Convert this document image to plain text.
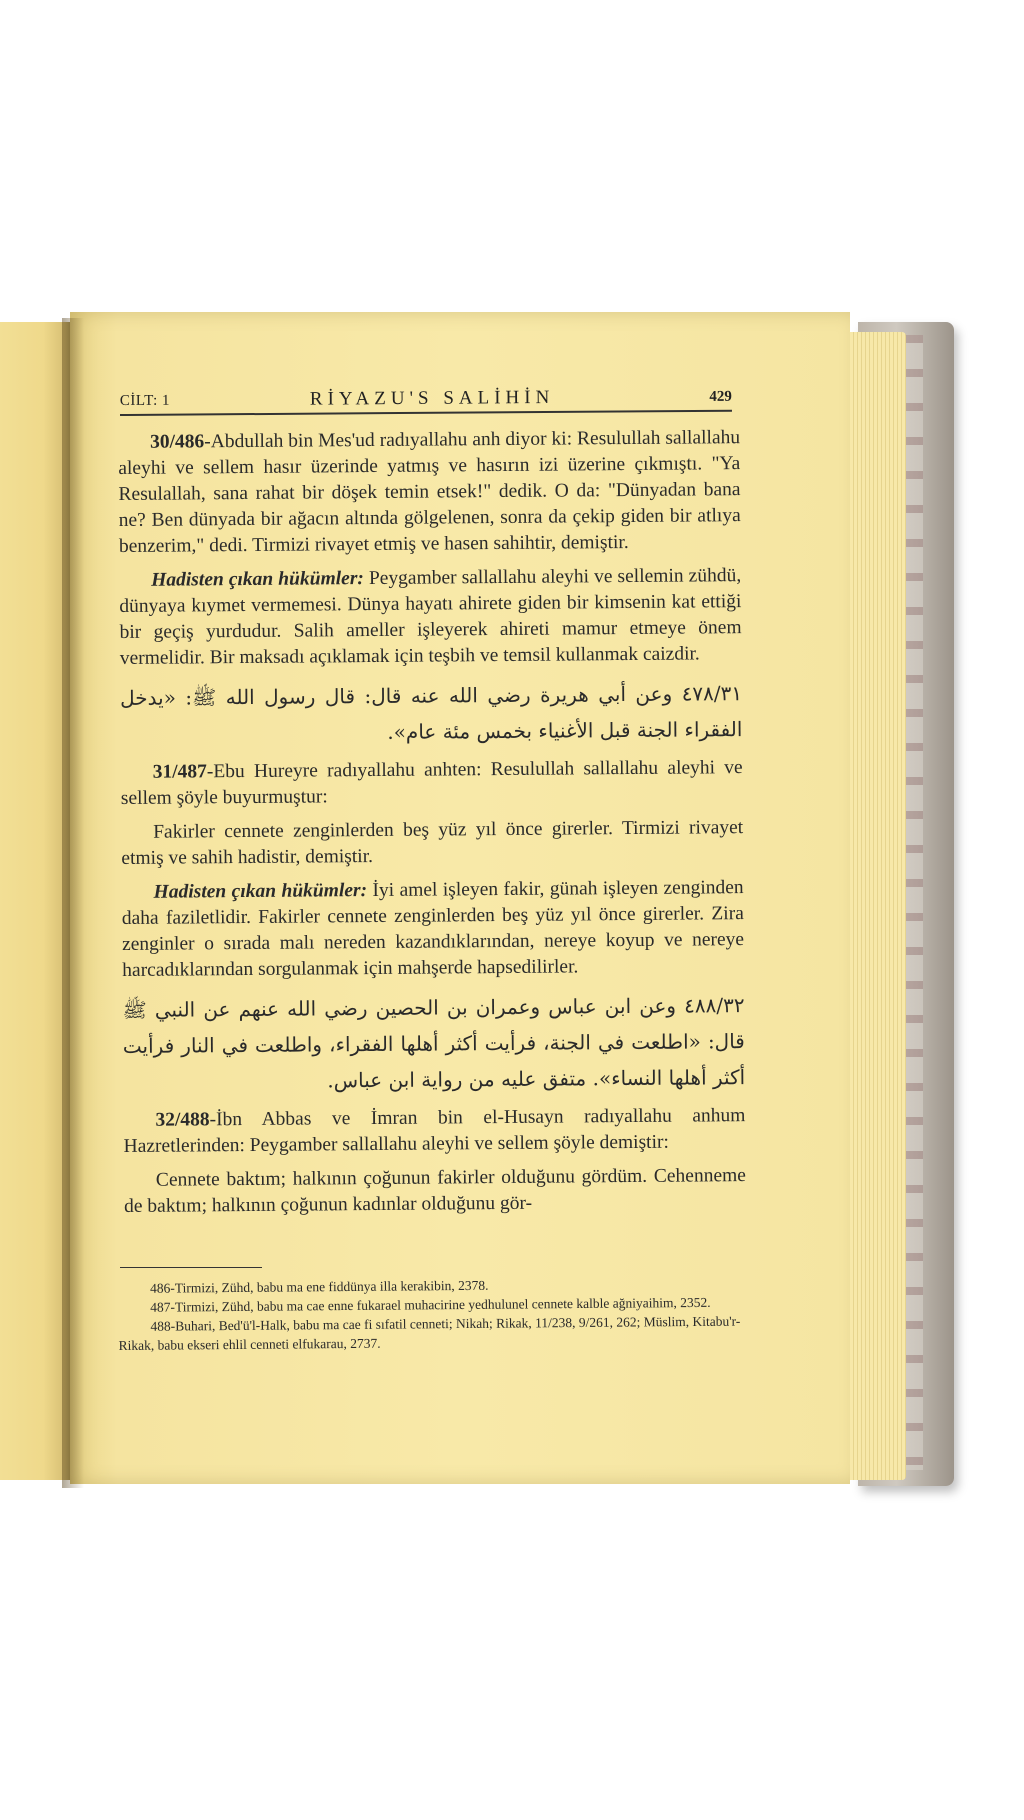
CİLT: 1	RİYAZU'S SALİHİN	429

30/486-Abdullah bin Mes'ud radıyallahu anh diyor ki: Resulullah sallallahu aleyhi ve sellem hasır üzerinde yatmış ve hasırın izi üzerine çıkmıştı. "Ya Resulallah, sana rahat bir döşek temin etsek!" dedik. O da: "Dünyadan bana ne? Ben dünyada bir ağacın altında gölgelenen, sonra da çekip giden bir atlıya benzerim," dedi. Tirmizi rivayet etmiş ve hasen sahihtir, demiştir.

Hadisten çıkan hükümler: Peygamber sallallahu aleyhi ve sellemin zühdü, dünyaya kıymet vermemesi. Dünya hayatı ahirete giden bir kimsenin kat ettiği bir geçiş yurdudur. Salih ameller işleyerek ahireti mamur etmeye önem vermelidir. Bir maksadı açıklamak için teşbih ve temsil kullanmak caizdir.

٤٧٨/٣١ وعن أبي هريرة رضي الله عنه قال: قال رسول الله ﷺ: «يدخل الفقراء الجنة قبل الأغنياء بخمس مئة عام».

31/487-Ebu Hureyre radıyallahu anhten: Resulullah sallallahu aleyhi ve sellem şöyle buyurmuştur:

Fakirler cennete zenginlerden beş yüz yıl önce girerler. Tirmizi rivayet etmiş ve sahih hadistir, demiştir.

Hadisten çıkan hükümler: İyi amel işleyen fakir, günah işleyen zenginden daha faziletlidir. Fakirler cennete zenginlerden beş yüz yıl önce girerler. Zira zenginler o sırada malı nereden kazandıklarından, nereye koyup ve nereye harcadıklarından sorgulanmak için mahşerde hapsedilirler.

٤٨٨/٣٢ وعن ابن عباس وعمران بن الحصين رضي الله عنهم عن النبي ﷺ قال: «اطلعت في الجنة، فرأيت أكثر أهلها الفقراء، واطلعت في النار فرأيت أكثر أهلها النساء». متفق عليه من رواية ابن عباس.

32/488-İbn Abbas ve İmran bin el-Husayn radıyallahu anhum Hazretlerinden: Peygamber sallallahu aleyhi ve sellem şöyle demiştir:

Cennete baktım; halkının çoğunun fakirler olduğunu gördüm. Cehenneme de baktım; halkının çoğunun kadınlar olduğunu gör-

486-Tirmizi, Zühd, babu ma ene fiddünya illa kerakibin, 2378.

487-Tirmizi, Zühd, babu ma cae enne fukarael muhacirine yedhulunel cennete kalble ağniyaihim, 2352.

488-Buhari, Bed'ü'l-Halk, babu ma cae fi sıfatil cenneti; Nikah; Rikak, 11/238, 9/261, 262; Müslim, Kitabu'r-Rikak, babu ekseri ehlil cenneti elfukarau, 2737.
